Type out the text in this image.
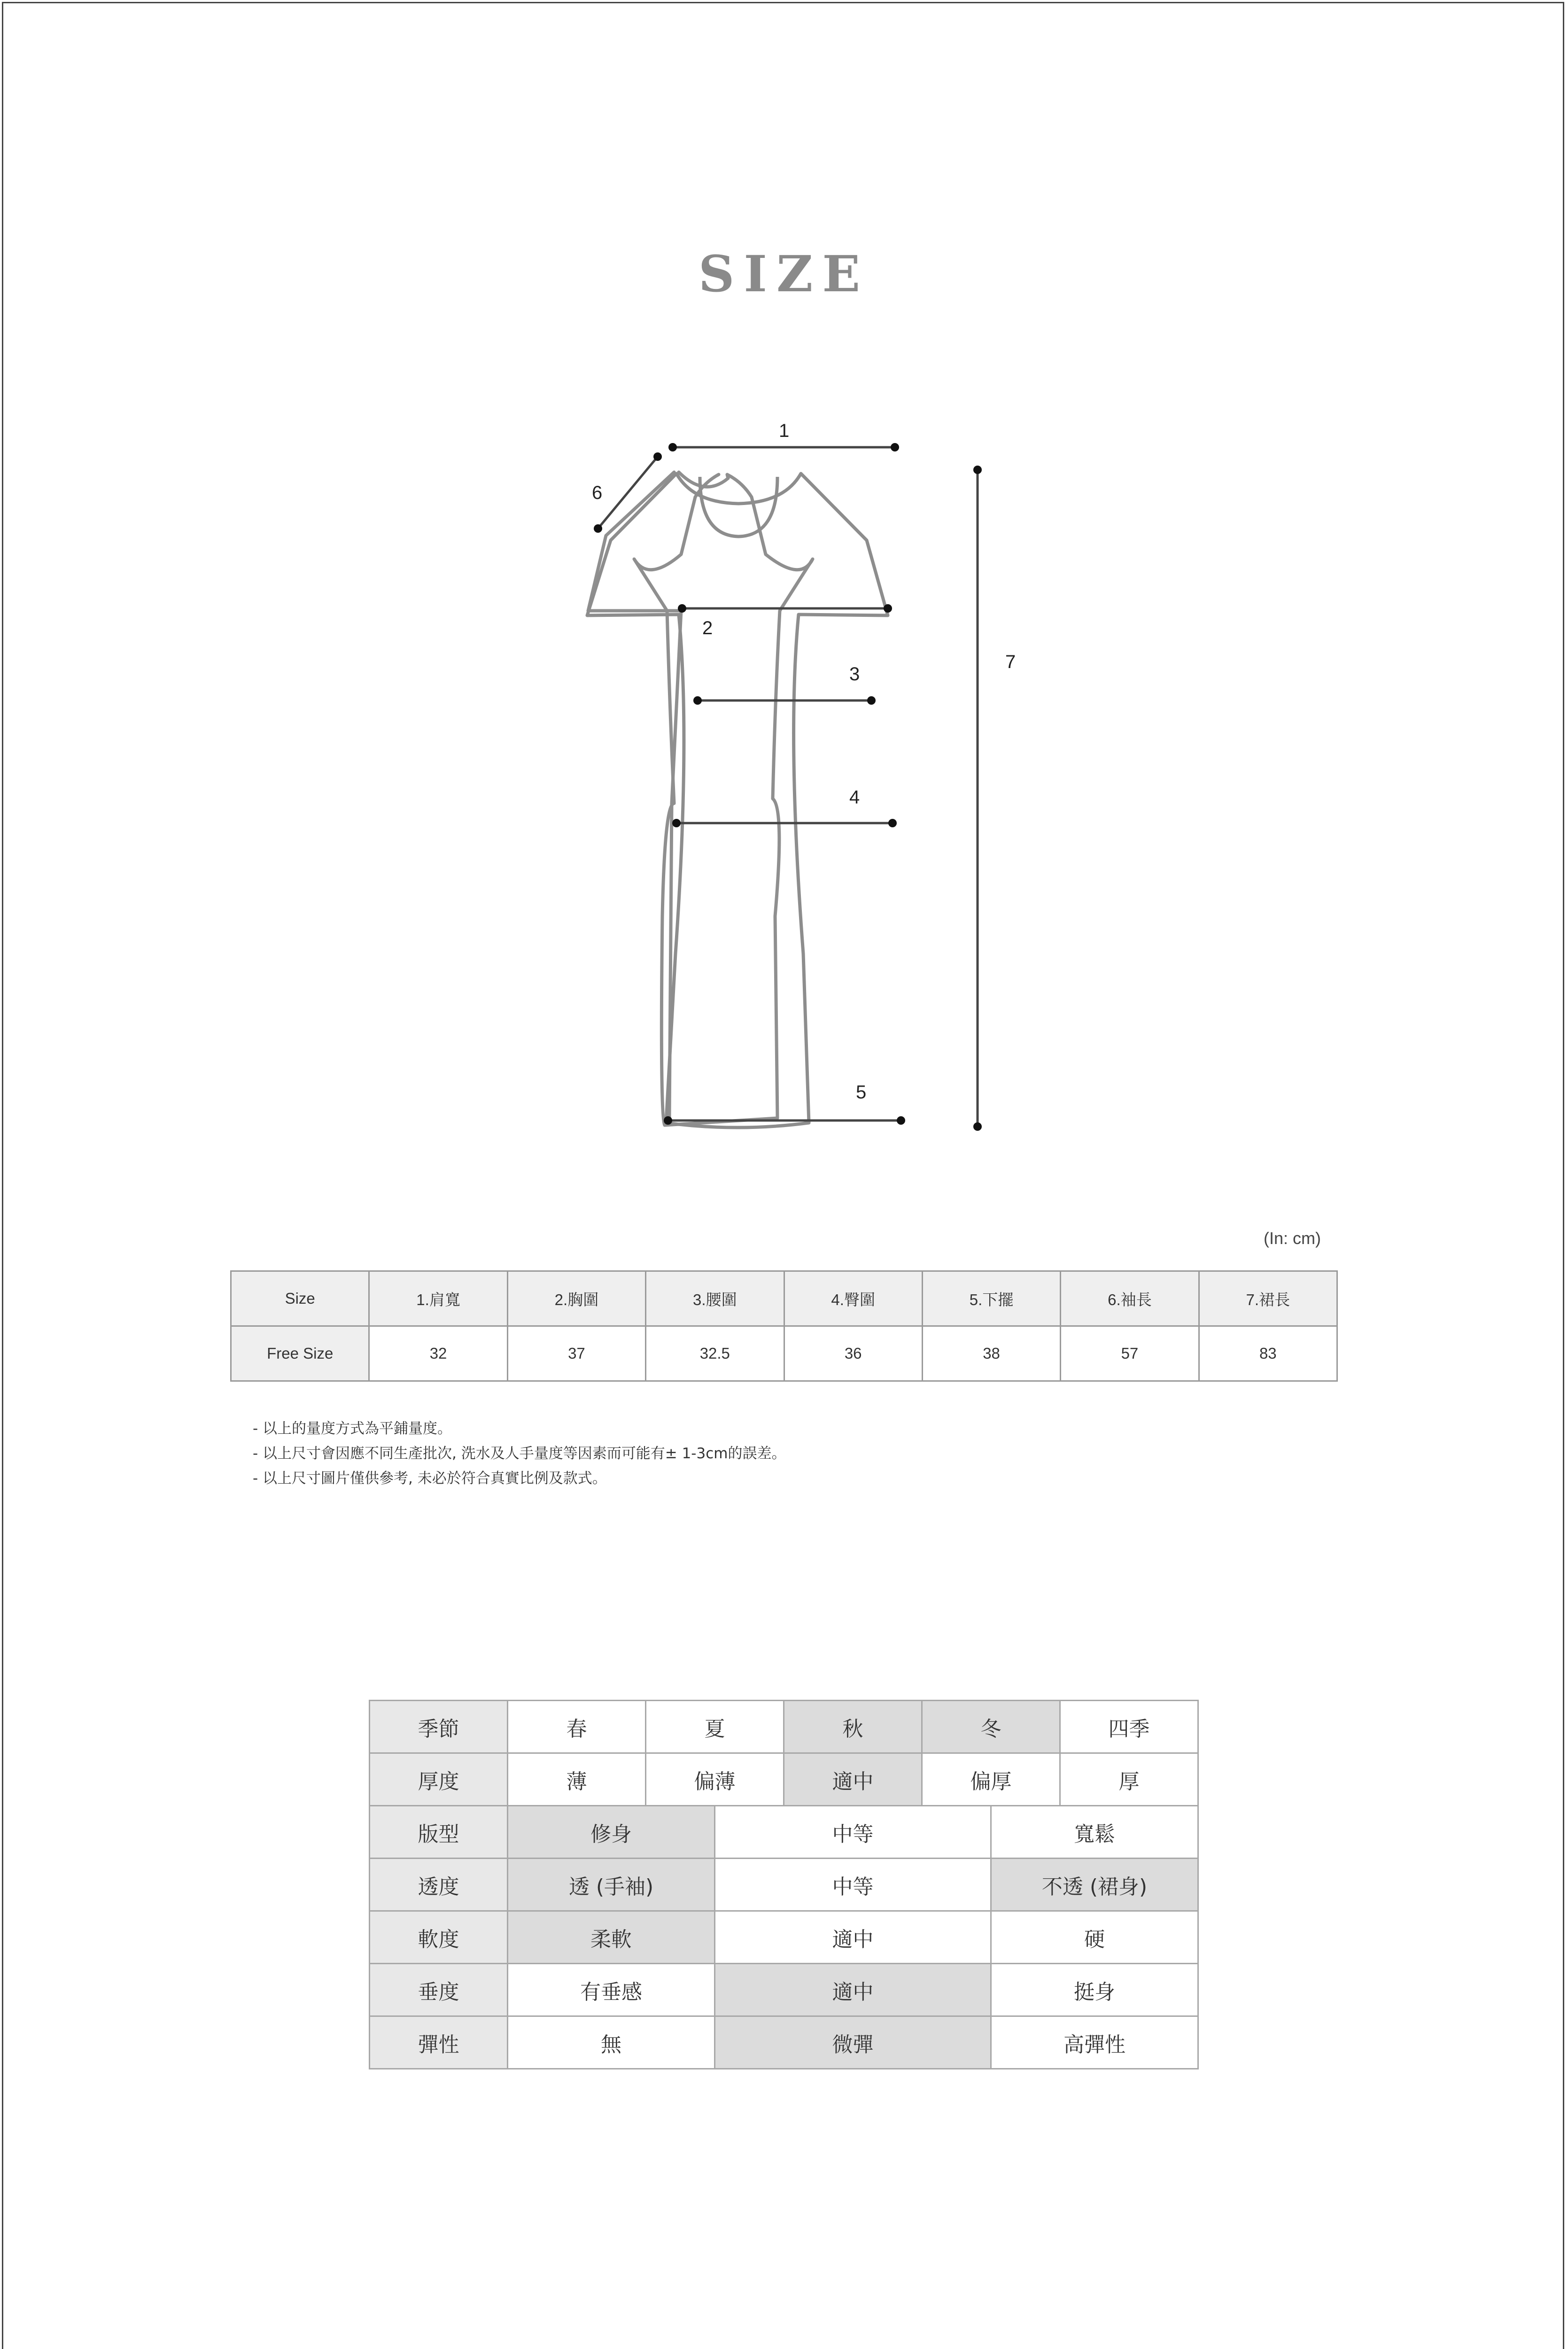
SIZE
1
2
3
4
5
6
7
(In: cm)
Size	1.肩寬	2.胸圍	3.腰圍	4.臀圍	5.下擺	6.袖長	7.裙長
Free Size	32	37	32.5	36	38	57	83
- 以上的量度方式為平鋪量度。
- 以上尺寸會因應不同生產批次, 洗水及人手量度等因素而可能有± 1-3cm的誤差。
- 以上尺寸圖片僅供參考, 未必於符合真實比例及款式。
季節	春	夏		秋	冬		四季
厚度	薄	偏薄		適中	偏厚		厚
版型	修身		中等			寬鬆	
透度	透 (手袖)		中等			不透 (裙身)	
軟度	柔軟		適中			硬	
垂度	有垂感		適中			挺身	
彈性	無		微彈			高彈性	
